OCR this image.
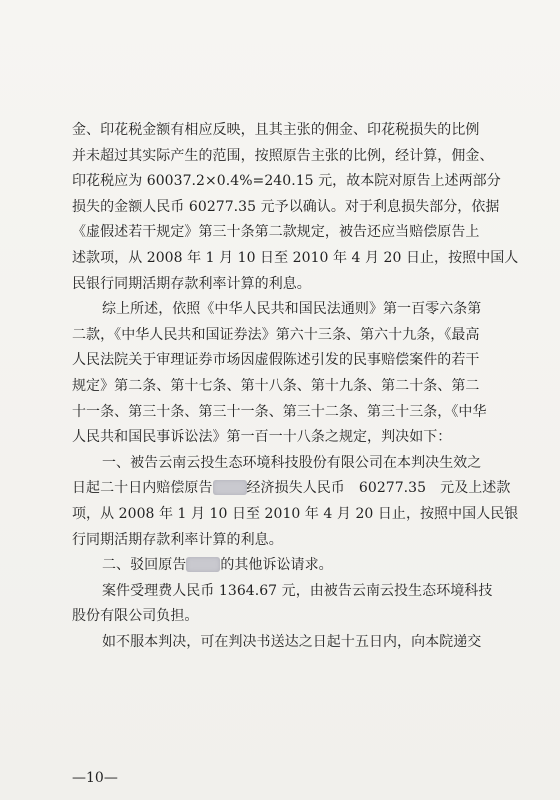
金、印花税金额有相应反映，且其主张的佣金、印花税损失的比例
并未超过其实际产生的范围，按照原告主张的比例，经计算，佣金、
印花税应为 60037.2×0.4%=240.15 元，故本院对原告上述两部分
损失的金额人民币 60277.35 元予以确认。对于利息损失部分，依据
《虚假述若干规定》第三十条第二款规定，被告还应当赔偿原告上
述款项，从 2008 年 1 月 10 日至 2010 年 4 月 20 日止，按照中国人
民银行同期活期存款利率计算的利息。
综上所述，依照《中华人民共和国民法通则》第一百零六条第
二款，《中华人民共和国证券法》第六十三条、第六十九条，《最高
人民法院关于审理证券市场因虚假陈述引发的民事赔偿案件的若干
规定》第二条、第十七条、第十八条、第十九条、第二十条、第二
十一条、第三十条、第三十一条、第三十二条、第三十三条，《中华
人民共和国民事诉讼法》第一百一十八条之规定，判决如下：
一、被告云南云投生态环境科技股份有限公司在本判决生效之
日起二十日内赔偿原告 经济损失人民币　60277.35　元及上述款
项，从 2008 年 1 月 10 日至 2010 年 4 月 20 日止，按照中国人民银
行同期活期存款利率计算的利息。
二、驳回原告 的其他诉讼请求。
案件受理费人民币 1364.67 元，由被告云南云投生态环境科技
股份有限公司负担。
如不服本判决，可在判决书送达之日起十五日内，向本院递交
—10—
